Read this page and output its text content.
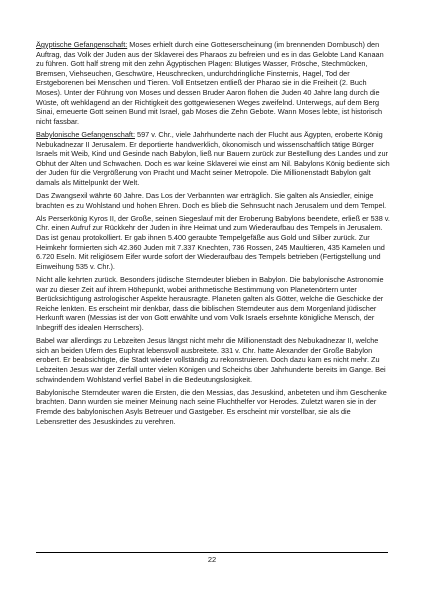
Ägyptische Gefangenschaft: Moses erhielt durch eine Gotteserscheinung (im brennenden Dornbusch) den Auftrag, das Volk der Juden aus der Sklaverei des Pharaos zu befreien und es in das Gelobte Land Kanaan zu führen. Gott half streng mit den zehn Ägyptischen Plagen: Blutiges Wasser, Frösche, Stechmücken, Bremsen, Viehseuchen, Geschwüre, Heuschrecken, undurchdringliche Finsternis, Hagel, Tod der Erstgeborenen bei Menschen und Tieren. Voll Entsetzen entließ der Pharao sie in die Freiheit (2. Buch Moses). Unter der Führung von Moses und dessen Bruder Aaron flohen die Juden 40 Jahre lang durch die Wüste, oft wehklagend an der Richtigkeit des gottgewiesenen Weges zweifelnd. Unterwegs, auf dem Berg Sinai, erneuerte Gott seinen Bund mit Israel, gab Moses die Zehn Gebote. Wann Moses lebte, ist historisch nicht fassbar.

Babylonische Gefangenschaft: 597 v. Chr., viele Jahrhunderte nach der Flucht aus Ägypten, eroberte König Nebukadnezar II Jerusalem. Er deportierte handwerklich, ökonomisch und wissenschaftlich tätige Bürger Israels mit Weib, Kind und Gesinde nach Babylon, ließ nur Bauern zurück zur Bestellung des Landes und zur Obhut der Alten und Schwachen. Doch es war keine Sklaverei wie einst am Nil. Babylons König bediente sich der Juden für die Vergrößerung von Pracht und Macht seiner Metropole. Die Millionenstadt Babylon galt damals als Mittelpunkt der Welt.

Das Zwangsexil währte 60 Jahre. Das Los der Verbannten war erträglich. Sie galten als Ansiedler, einige brachten es zu Wohlstand und hohen Ehren. Doch es blieb die Sehnsucht nach Jerusalem und dem Tempel.

Als Perserkönig Kyros II, der Große, seinen Siegeslauf mit der Eroberung Babylons beendete, erließ er 538 v. Chr. einen Aufruf zur Rückkehr der Juden in ihre Heimat und zum Wiederaufbau des Tempels in Jerusalem. Das ist genau protokolliert. Er gab ihnen 5.400 geraubte Tempelgefäße aus Gold und Silber zurück. Zur Heimkehr formierten sich 42.360 Juden mit 7.337 Knechten, 736 Rossen, 245 Maultieren, 435 Kamelen und 6.720 Eseln. Mit religiösem Eifer wurde sofort der Wiederaufbau des Tempels betrieben (Fertigstellung und Einweihung 535 v. Chr.).

Nicht alle kehrten zurück. Besonders jüdische Sterndeuter blieben in Babylon. Die babylonische Astronomie war zu dieser Zeit auf ihrem Höhepunkt, wobei arithmetische Bestimmung von Planetenörtern unter Berücksichtigung astrologischer Aspekte herausragte. Planeten galten als Götter, welche die Geschicke der Reiche lenkten. Es erscheint mir denkbar, dass die biblischen Sterndeuter aus dem Morgenland jüdischer Herkunft waren (Messias ist der von Gott erwählte und vom Volk Israels ersehnte königliche Mensch, der Inbegriff des idealen Herrschers).

Babel war allerdings zu Lebzeiten Jesus längst nicht mehr die Millionenstadt des Nebukadnezar II, welche sich an beiden Ufern des Euphrat lebensvoll ausbreitete. 331 v. Chr. hatte Alexander der Große Babylon erobert. Er beabsichtigte, die Stadt wieder vollständig zu rekonstruieren. Doch dazu kam es nicht mehr. Zu Lebzeiten Jesus war der Zerfall unter vielen Königen und Scheichs über Jahrhunderte bereits im Gange. Bei schwindendem Wohlstand verfiel Babel in die Bedeutungslosigkeit.

Babylonische Sterndeuter waren die Ersten, die den Messias, das Jesuskind, anbeteten und ihm Geschenke brachten. Dann wurden sie meiner Meinung nach seine Fluchthelfer vor Herodes. Zuletzt waren sie in der Fremde des babylonischen Asyls Betreuer und Gastgeber. Es erscheint mir vorstellbar, sie als die Lebensretter des Jesuskindes zu verehren.

22
